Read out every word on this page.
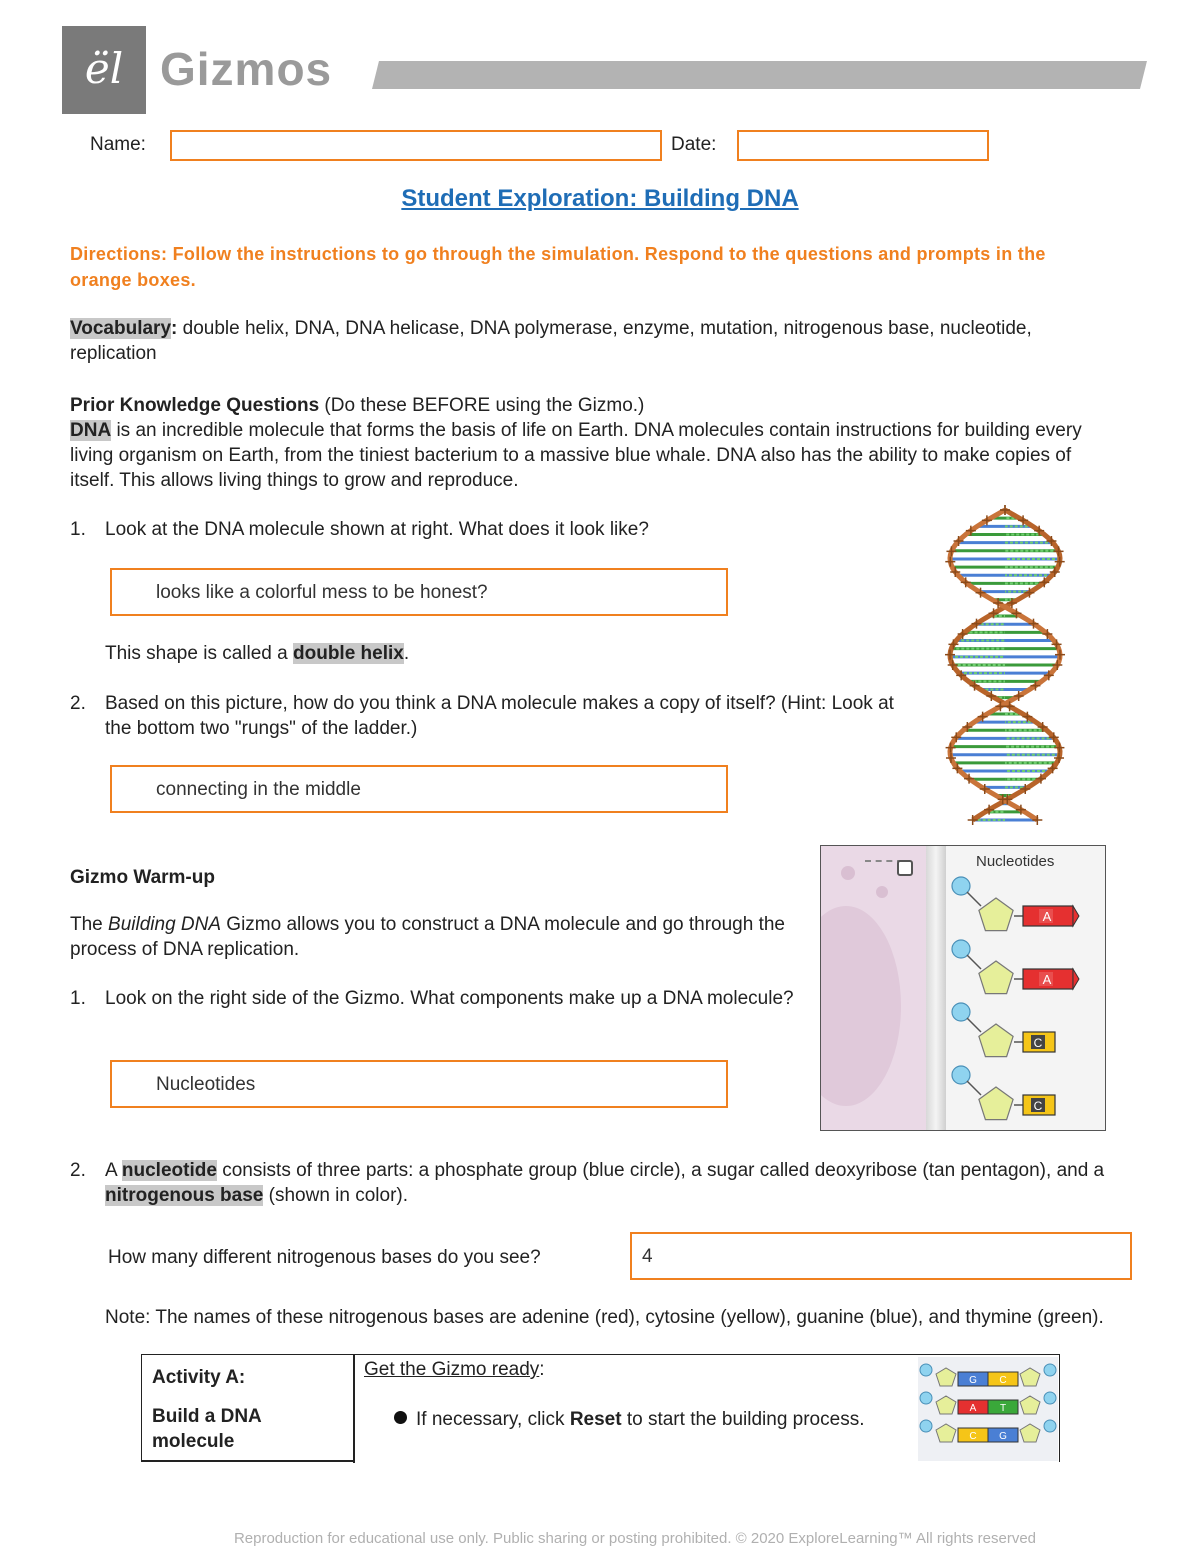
ël Gizmos
Name:	Date:
Student Exploration: Building DNA
Directions: Follow the instructions to go through the simulation. Respond to the questions and prompts in the orange boxes.
Vocabulary: double helix, DNA, DNA helicase, DNA polymerase, enzyme, mutation, nitrogenous base, nucleotide, replication
Prior Knowledge Questions (Do these BEFORE using the Gizmo.)
DNA is an incredible molecule that forms the basis of life on Earth. DNA molecules contain instructions for building every living organism on Earth, from the tiniest bacterium to a massive blue whale. DNA also has the ability to make copies of itself. This allows living things to grow and reproduce.
1. Look at the DNA molecule shown at right. What does it look like?
looks like a colorful mess to be honest?
This shape is called a double helix.
2. Based on this picture, how do you think a DNA molecule makes a copy of itself? (Hint: Look at the bottom two "rungs" of the ladder.)
connecting in the middle
Gizmo Warm-up
The Building DNA Gizmo allows you to construct a DNA molecule and go through the process of DNA replication.
1. Look on the right side of the Gizmo. What components make up a DNA molecule?
Nucleotides
Nucleotides
A
A
C
C
2. A nucleotide consists of three parts: a phosphate group (blue circle), a sugar called deoxyribose (tan pentagon), and a nitrogenous base (shown in color).
How many different nitrogenous bases do you see?	4
Note: The names of these nitrogenous bases are adenine (red), cytosine (yellow), guanine (blue), and thymine (green).
Activity A:
Build a DNA molecule
Get the Gizmo ready:
If necessary, click Reset to start the building process.
G C
A T
C G
Reproduction for educational use only. Public sharing or posting prohibited. © 2020 ExploreLearning™ All rights reserved
